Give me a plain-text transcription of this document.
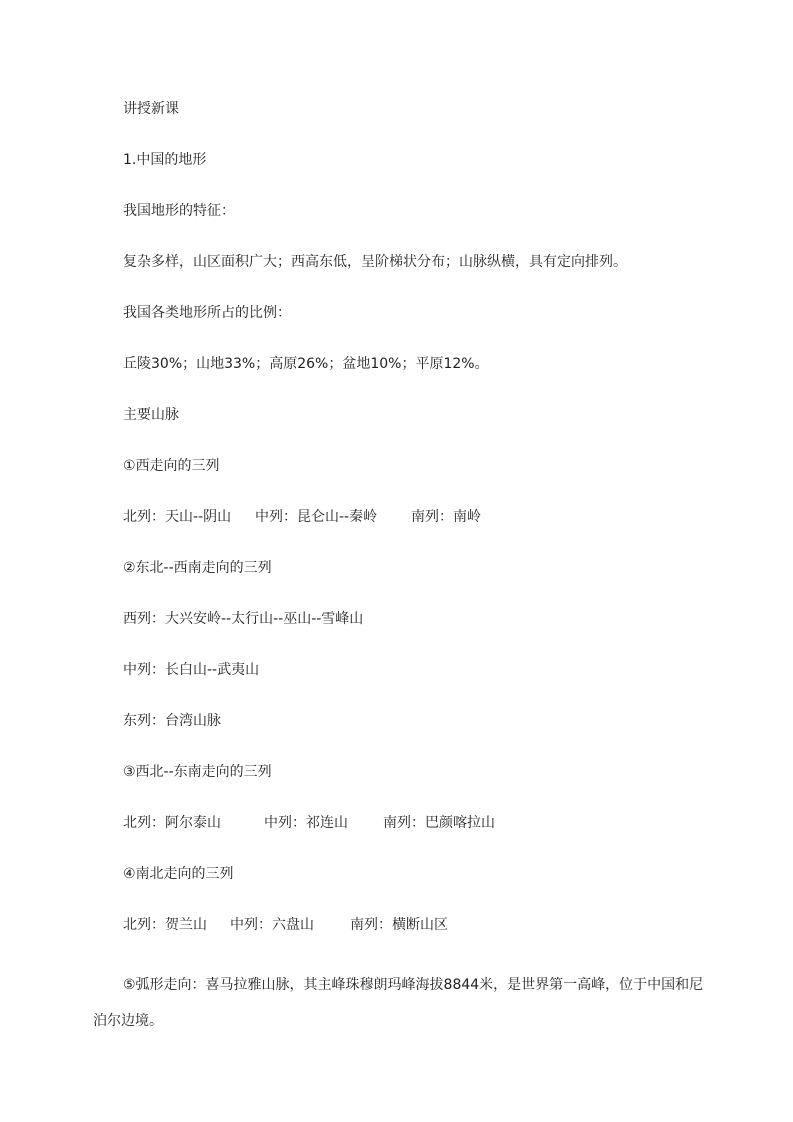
讲授新课
1.中国的地形
我国地形的特征：
复杂多样，山区面积广大；西高东低，呈阶梯状分布；山脉纵横，具有定向排列。
我国各类地形所占的比例：
丘陵30%；山地33%；高原26%；盆地10%；平原12%。
主要山脉
①西走向的三列
北列：天山--阴山 中列：昆仑山--秦岭 南列：南岭
②东北--西南走向的三列
西列：大兴安岭--太行山--巫山--雪峰山
中列：长白山--武夷山
东列：台湾山脉
③西北--东南走向的三列
北列：阿尔泰山	中列：祁连山	南列：巴颜喀拉山
④南北走向的三列
北列：贺兰山 中列：六盘山	南列：横断山区
⑤弧形走向：喜马拉雅山脉，其主峰珠穆朗玛峰海拔8844米，是世界第一高峰，位于中国和尼泊尔边境。
